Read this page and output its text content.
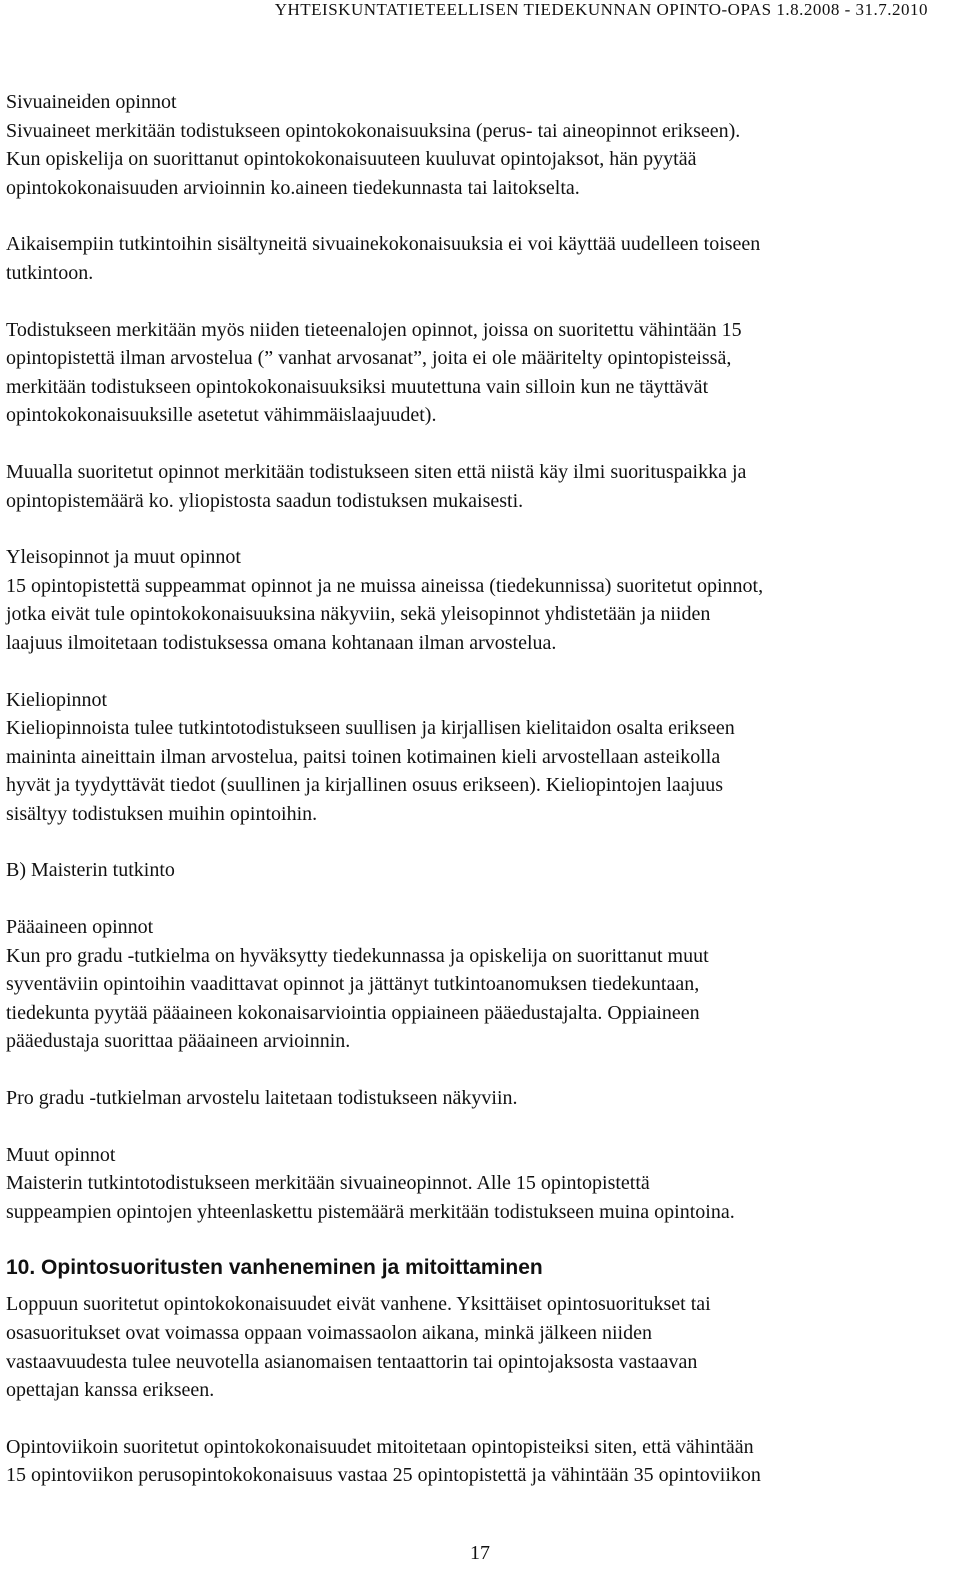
YHTEISKUNTATIETEELLISEN TIEDEKUNNAN OPINTO-OPAS 1.8.2008 - 31.7.2010
Sivuaineiden opinnot

Sivuaineet merkitään todistukseen opintokokonaisuuksina (perus- tai aineopinnot erikseen).
Kun opiskelija on suorittanut opintokokonaisuuteen kuuluvat opintojaksot, hän pyytää
opintokokonaisuuden arvioinnin ko.aineen tiedekunnasta tai laitokselta.

Aikaisempiin tutkintoihin sisältyneitä sivuainekokonaisuuksia ei voi käyttää uudelleen toiseen
tutkintoon.

Todistukseen merkitään myös niiden tieteenalojen opinnot, joissa on suoritettu vähintään 15
opintopistettä ilman arvostelua (” vanhat arvosanat”, joita ei ole määritelty opintopisteissä,
merkitään todistukseen opintokokonaisuuksiksi muutettuna vain silloin kun ne täyttävät
opintokokonaisuuksille asetetut vähimmäislaajuudet).

Muualla suoritetut opinnot merkitään todistukseen siten että niistä käy ilmi suorituspaikka ja
opintopistemäärä ko. yliopistosta saadun todistuksen mukaisesti.

Yleisopinnot ja muut opinnot

15 opintopistettä suppeammat opinnot ja ne muissa aineissa (tiedekunnissa) suoritetut opinnot,
jotka eivät tule opintokokonaisuuksina näkyviin, sekä yleisopinnot yhdistetään ja niiden
laajuus ilmoitetaan todistuksessa omana kohtanaan ilman arvostelua.

Kieliopinnot

Kieliopinnoista tulee tutkintotodistukseen suullisen ja kirjallisen kielitaidon osalta erikseen
maininta aineittain ilman arvostelua, paitsi toinen kotimainen kieli arvostellaan asteikolla
hyvät ja tyydyttävät tiedot (suullinen ja kirjallinen osuus erikseen). Kieliopintojen laajuus
sisältyy todistuksen muihin opintoihin.

B) Maisterin tutkinto
Pääaineen opinnot

Kun pro gradu -tutkielma on hyväksytty tiedekunnassa ja opiskelija on suorittanut muut
syventäviin opintoihin vaadittavat opinnot ja jättänyt tutkintoanomuksen tiedekuntaan,
tiedekunta pyytää pääaineen kokonaisarviointia oppiaineen pääedustajalta. Oppiaineen
pääedustaja suorittaa pääaineen arvioinnin.

Pro gradu -tutkielman arvostelu laitetaan todistukseen näkyviin.

Muut opinnot

Maisterin tutkintotodistukseen merkitään sivuaineopinnot. Alle 15 opintopistettä
suppeampien opintojen yhteenlaskettu pistemäärä merkitään todistukseen muina opintoina.

10. Opintosuoritusten vanheneminen ja mitoittaminen

Loppuun suoritetut opintokokonaisuudet eivät vanhene. Yksittäiset opintosuoritukset tai
osasuoritukset ovat voimassa oppaan voimassaolon aikana, minkä jälkeen niiden
vastaavuudesta tulee neuvotella asianomaisen tentaattorin tai opintojaksosta vastaavan
opettajan kanssa erikseen.

Opintoviikoin suoritetut opintokokonaisuudet mitoitetaan opintopisteiksi siten, että vähintään
15 opintoviikon perusopintokokonaisuus vastaa 25 opintopistettä ja vähintään 35 opintoviikon

17
